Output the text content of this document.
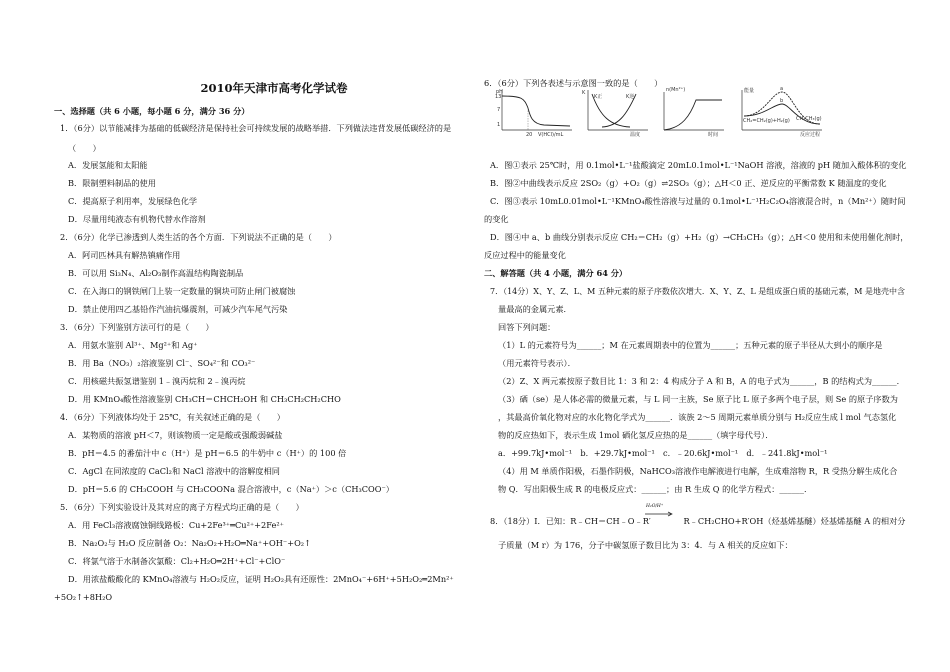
2010年天津市高考化学试卷
一、选择题（共 6 小题，每小题 6 分，满分 36 分）
1．（6分）以节能减排为基础的低碳经济是保持社会可持续发展的战略举措．下列做法违背发展低碳经济的是
（　　）
A．发展氢能和太阳能
B．限制塑料制品的使用
C．提高原子利用率，发展绿色化学
D．尽量用纯液态有机物代替水作溶剂
2．（6分）化学已渗透到人类生活的各个方面．下列说法不正确的是（　　）
A．阿司匹林具有解热镇痛作用
B．可以用 Si₃N₄、Al₂O₃制作高温结构陶瓷制品
C．在入海口的钢铁闸门上装一定数量的铜块可防止闸门被腐蚀
D．禁止使用四乙基铅作汽油抗爆震剂，可减少汽车尾气污染
3．（6分）下列鉴别方法可行的是（　　）
A．用氨水鉴别 Al³⁺、Mg²⁺和 Ag⁺
B．用 Ba（NO₃）₂溶液鉴别 Cl⁻、SO₄²⁻和 CO₃²⁻
C．用核磁共振氢谱鉴别 1﹣溴丙烷和 2﹣溴丙烷
D．用 KMnO₄酸性溶液鉴别 CH₃CH＝CHCH₂OH 和 CH₃CH₂CH₂CHO
4．（6分）下列液体均处于 25℃，有关叙述正确的是（　　）
A．某物质的溶液 pH＜7，则该物质一定是酸或强酸弱碱盐
B．pH＝4.5 的番茄汁中 c（H⁺）是 pH＝6.5 的牛奶中 c（H⁺）的 100 倍
C．AgCl 在同浓度的 CaCl₂和 NaCl 溶液中的溶解度相同
D．pH＝5.6 的 CH₃COOH 与 CH₃COONa 混合溶液中，c（Na⁺）＞c（CH₃COO⁻）
5．（6分）下列实验设计及其对应的离子方程式均正确的是（　　）
A．用 FeCl₃溶液腐蚀铜线路板：Cu+2Fe³⁺═Cu²⁺+2Fe²⁺
B．Na₂O₂与 H₂O 反应制备 O₂：Na₂O₂+H₂O═Na⁺+OH⁻+O₂↑
C．将氯气溶于水制备次氯酸：Cl₂+H₂O═2H⁺+Cl⁻+ClO⁻
D．用浓盐酸酸化的 KMnO₄溶液与 H₂O₂反应，证明 H₂O₂具有还原性：2MnO₄⁻+6H⁺+5H₂O₂═2Mn²⁺
+5O₂↑+8H₂O
6．（6分）下列各表述与示意图一致的是（　　）
A．图①表示 25℃时，用 0.1mol•L⁻¹盐酸滴定 20mL0.1mol•L⁻¹NaOH 溶液，溶液的 pH 随加入酸体积的变化
B．图②中曲线表示反应 2SO₂（g）+O₂（g）⇌2SO₃（g）；△H＜0 正、逆反应的平衡常数 K 随温度的变化
C．图③表示 10mL0.01mol•L⁻¹KMnO₄酸性溶液与过量的 0.1mol•L⁻¹H₂C₂O₄溶液混合时，n（Mn²⁺）随时间
的变化
D．图④中 a、b 曲线分别表示反应 CH₂＝CH₂（g）+H₂（g）→CH₃CH₃（g）；△H＜0 使用和未使用催化剂时，
反应过程中的能量变化
二、解答题（共 4 小题，满分 64 分）
7．（14分）X、Y、Z、L、M 五种元素的原子序数依次增大．X、Y、Z、L 是组成蛋白质的基础元素，M 是地壳中含
量最高的金属元素．
回答下列问题：
（1）L 的元素符号为______；M 在元素周期表中的位置为______；五种元素的原子半径从大到小的顺序是
（用元素符号表示）．
（2）Z、X 两元素按原子数目比 1：3 和 2：4 构成分子 A 和 B，A 的电子式为______，B 的结构式为______．
（3）硒（se）是人体必需的微量元素，与 L 同一主族，Se 原子比 L 原子多两个电子层，则 Se 的原子序数为
，其最高价氧化物对应的水化物化学式为______．该族 2～5 周期元素单质分别与 H₂反应生成 l mol 气态氢化
物的反应热如下，表示生成 1mol 硒化氢反应热的是______（填字母代号）．
a．+99.7kJ•mol⁻¹　b．+29.7kJ•mol⁻¹　c．﹣20.6kJ•mol⁻¹　d．﹣241.8kJ•mol⁻¹
（4）用 M 单质作阳极，石墨作阴极，NaHCO₃溶液作电解液进行电解，生成难溶物 R，R 受热分解生成化合
物 Q．写出阳极生成 R 的电极反应式：______；由 R 生成 Q 的化学方程式：______．
8．（18分）Ⅰ．已知：R﹣CH＝CH﹣O﹣R′　　　　R﹣CH₂CHO+R′OH（烃基烯基醚）烃基烯基醚 A 的相对分
子质量（M r）为 176，分子中碳氢原子数目比为 3：4．与 A 相关的反应如下：
pH
13
7
1
20 V(HCl)/mL
K
K正	K逆
温度
n(Mn²⁺)
时间
能量	a
b
CH₂=CH₂(g)+H₂(g) CH₃CH₃(g)
反应过程
H₂O/H⁺
